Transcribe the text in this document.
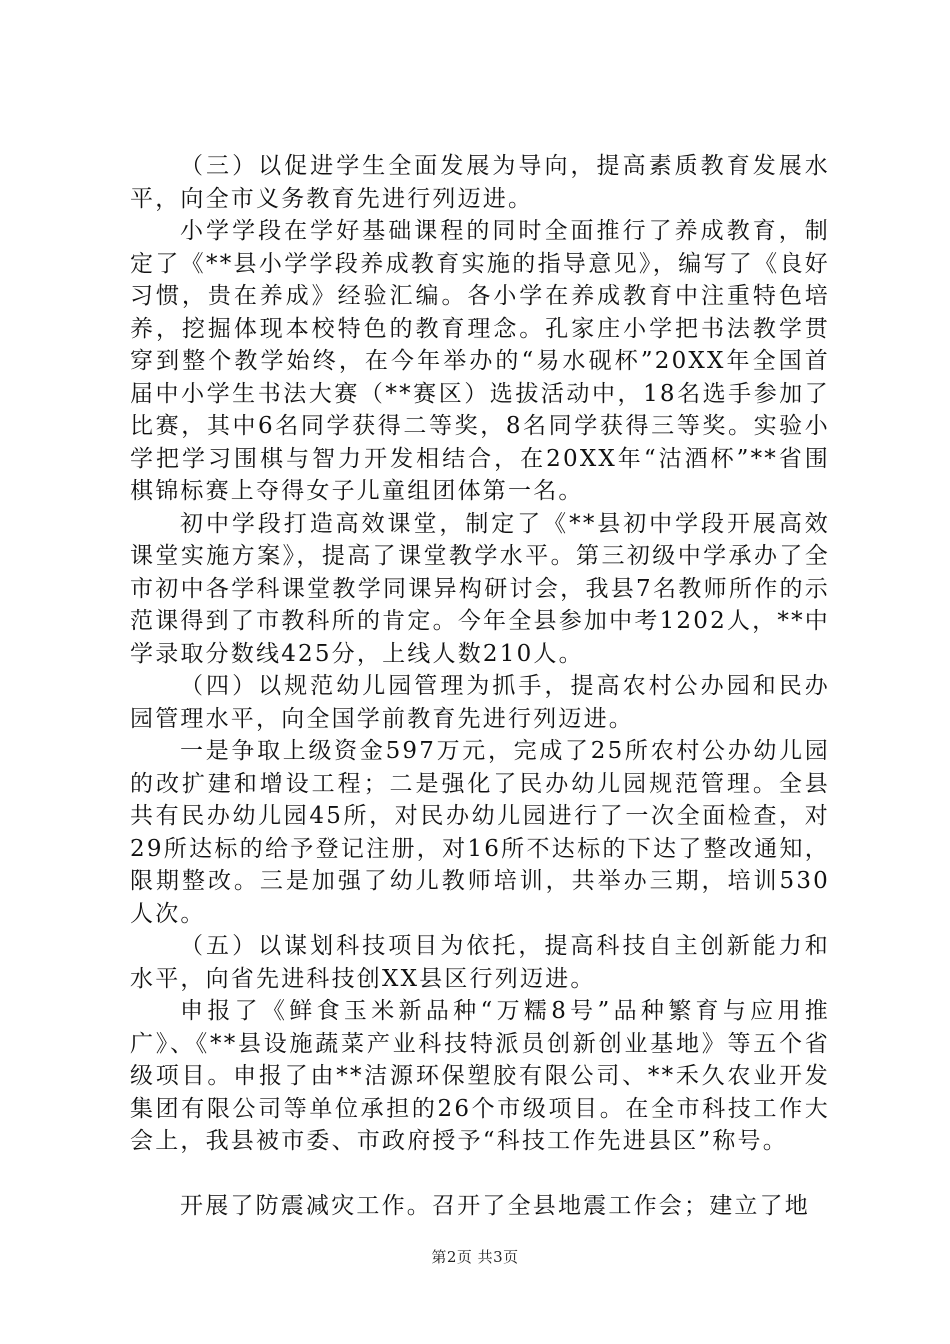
（三）以促进学生全面发展为导向，提高素质教育发展水平，向全市义务教育先进行列迈进。

小学学段在学好基础课程的同时全面推行了养成教育，制定了《**县小学学段养成教育实施的指导意见》，编写了《良好习惯，贵在养成》经验汇编。各小学在养成教育中注重特色培养，挖掘体现本校特色的教育理念。孔家庄小学把书法教学贯穿到整个教学始终，在今年举办的“易水砚杯”20XX年全国首届中小学生书法大赛（**赛区）选拔活动中，18名选手参加了比赛，其中6名同学获得二等奖，8名同学获得三等奖。实验小学把学习围棋与智力开发相结合，在20XX年“沽酒杯”**省围棋锦标赛上夺得女子儿童组团体第一名。

初中学段打造高效课堂，制定了《**县初中学段开展高效课堂实施方案》，提高了课堂教学水平。第三初级中学承办了全市初中各学科课堂教学同课异构研讨会，我县7名教师所作的示范课得到了市教科所的肯定。今年全县参加中考1202人，**中学录取分数线425分，上线人数210人。

（四）以规范幼儿园管理为抓手，提高农村公办园和民办园管理水平，向全国学前教育先进行列迈进。

一是争取上级资金597万元，完成了25所农村公办幼儿园的改扩建和增设工程；二是强化了民办幼儿园规范管理。全县共有民办幼儿园45所，对民办幼儿园进行了一次全面检查，对29所达标的给予登记注册，对16所不达标的下达了整改通知，限期整改。三是加强了幼儿教师培训，共举办三期，培训530人次。

（五）以谋划科技项目为依托，提高科技自主创新能力和水平，向省先进科技创XX县区行列迈进。

申报了《鲜食玉米新品种“万糯8号”品种繁育与应用推广》、《**县设施蔬菜产业科技特派员创新创业基地》等五个省级项目。申报了由**洁源环保塑胶有限公司、**禾久农业开发集团有限公司等单位承担的26个市级项目。在全市科技工作大会上，我县被市委、市政府授予“科技工作先进县区”称号。

开展了防震减灾工作。召开了全县地震工作会；建立了地

第2页 共3页
